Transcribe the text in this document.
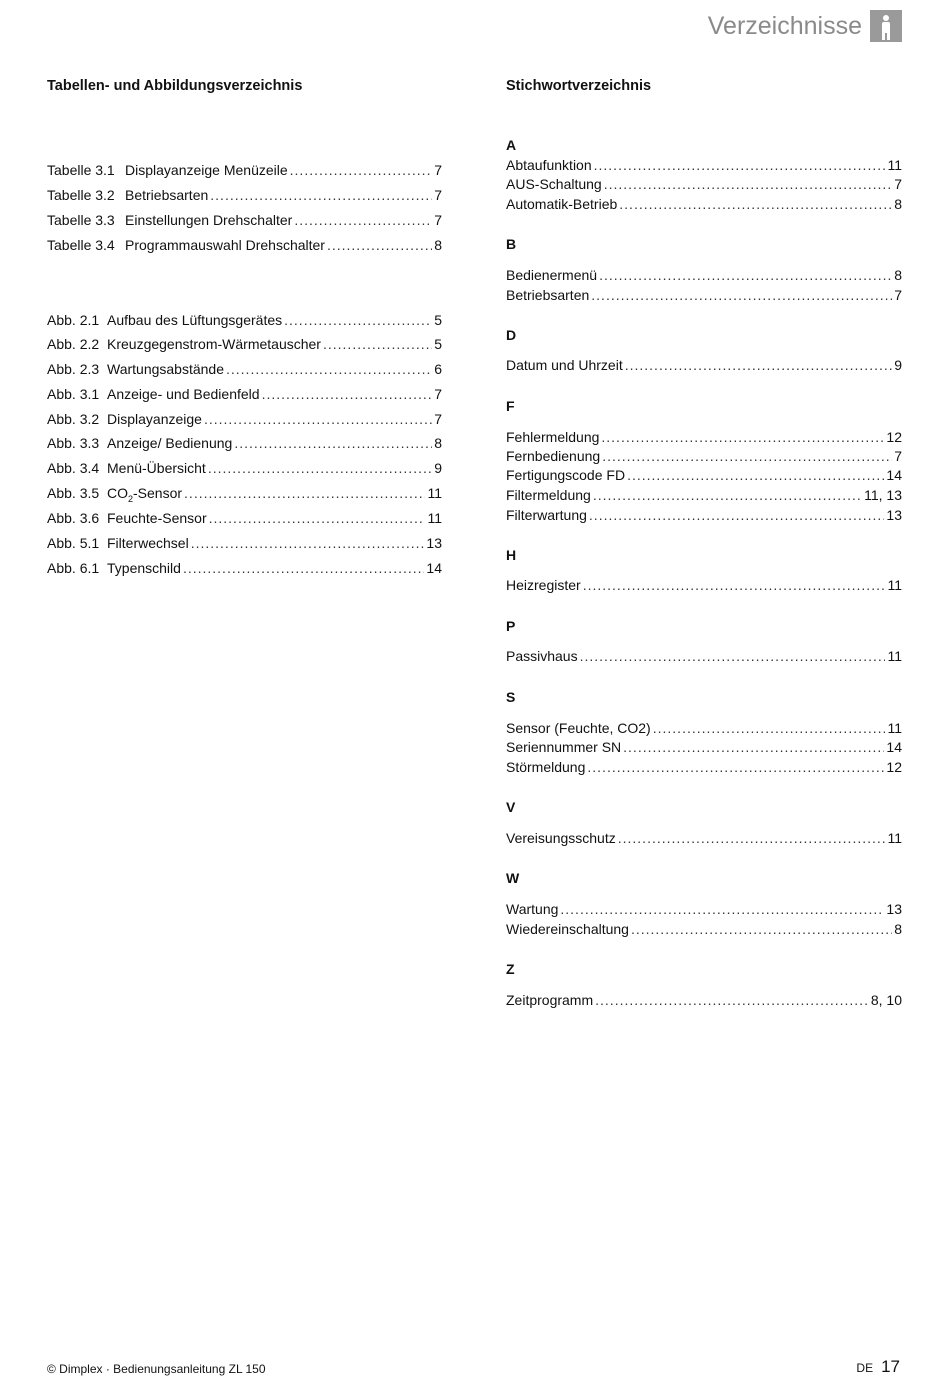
Verzeichnisse
Tabellen- und Abbildungsverzeichnis
Tabelle 3.1 Displayanzeige Menüzeile .....	7
Tabelle 3.2 Betriebsarten .....	7
Tabelle 3.3 Einstellungen Drehschalter .....	7
Tabelle 3.4 Programmauswahl Drehschalter .....	8
Abb. 2.1 Aufbau des Lüftungsgerätes .....	5
Abb. 2.2 Kreuzgegenstrom-Wärmetauscher .....	5
Abb. 2.3 Wartungsabstände .....	6
Abb. 3.1 Anzeige- und Bedienfeld .....	7
Abb. 3.2 Displayanzeige .....	7
Abb. 3.3 Anzeige/ Bedienung .....	8
Abb. 3.4 Menü-Übersicht .....	9
Abb. 3.5 $CO_2$-Sensor .....	11
Abb. 3.6 Feuchte-Sensor .....	11
Abb. 5.1 Filterwechsel .....	13
Abb. 6.1 Typenschild .....	14
Stichwortverzeichnis
A
Abtaufunktion .....	11
AUS-Schaltung .....	7
Automatik-Betrieb .....	8
B
Bedienermenü .....	8
Betriebsarten .....	7
D
Datum und Uhrzeit .....	9
F
Fehlermeldung .....	12
Fernbedienung .....	7
Fertigungscode FD .....	14
Filtermeldung .....	11, 13
Filterwartung .....	13
H
Heizregister .....	11
P
Passivhaus .....	11
S
Sensor (Feuchte, CO2) .....	11
Seriennummer SN .....	14
Störmeldung .....	12
V
Vereisungsschutz .....	11
W
Wartung .....	13
Wiedereinschaltung .....	8
Z
Zeitprogramm .....	8, 10
© Dimplex · Bedienungsanleitung ZL 150	DE 17
